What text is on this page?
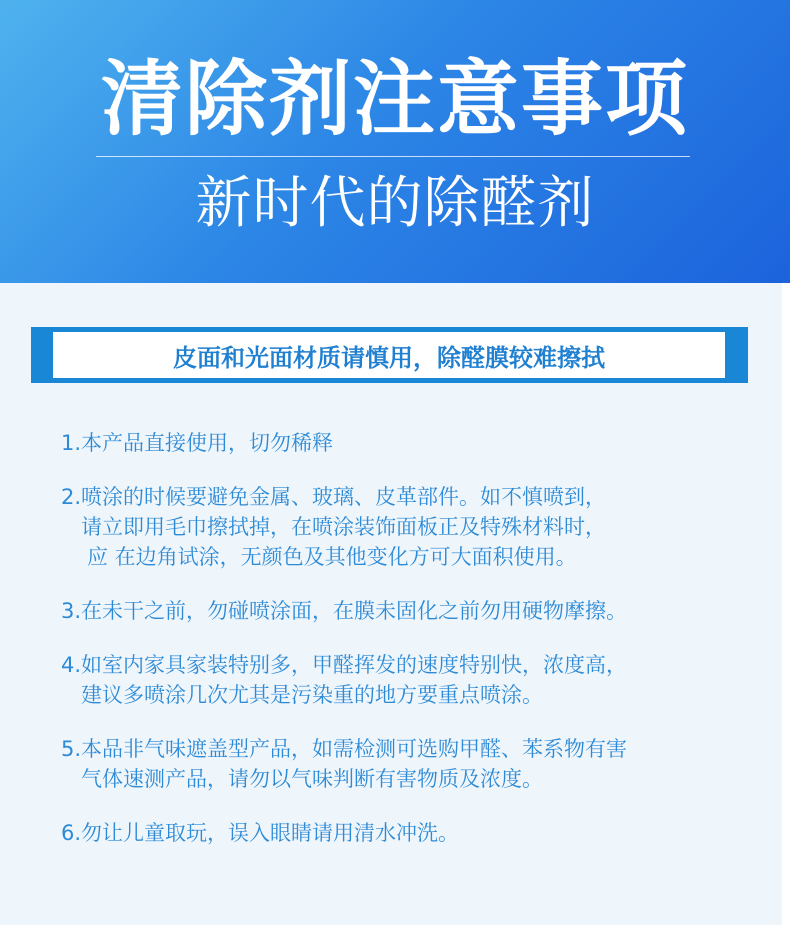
清除剂注意事项
新时代的除醛剂
皮面和光面材质请慎用，除醛膜较难擦拭
1.本产品直接使用，切勿稀释
2.喷涂的时候要避免金属、玻璃、皮革部件。如不慎喷到，
请立即用毛巾擦拭掉，在喷涂装饰面板正及特殊材料时，
应 在边角试涂，无颜色及其他变化方可大面积使用。
3.在未干之前，勿碰喷涂面，在膜未固化之前勿用硬物摩擦。
4.如室内家具家装特别多，甲醛挥发的速度特别快，浓度高，
建议多喷涂几次尤其是污染重的地方要重点喷涂。
5.本品非气味遮盖型产品，如需检测可选购甲醛、苯系物有害
气体速测产品，请勿以气味判断有害物质及浓度。
6.勿让儿童取玩，误入眼睛请用清水冲洗。
